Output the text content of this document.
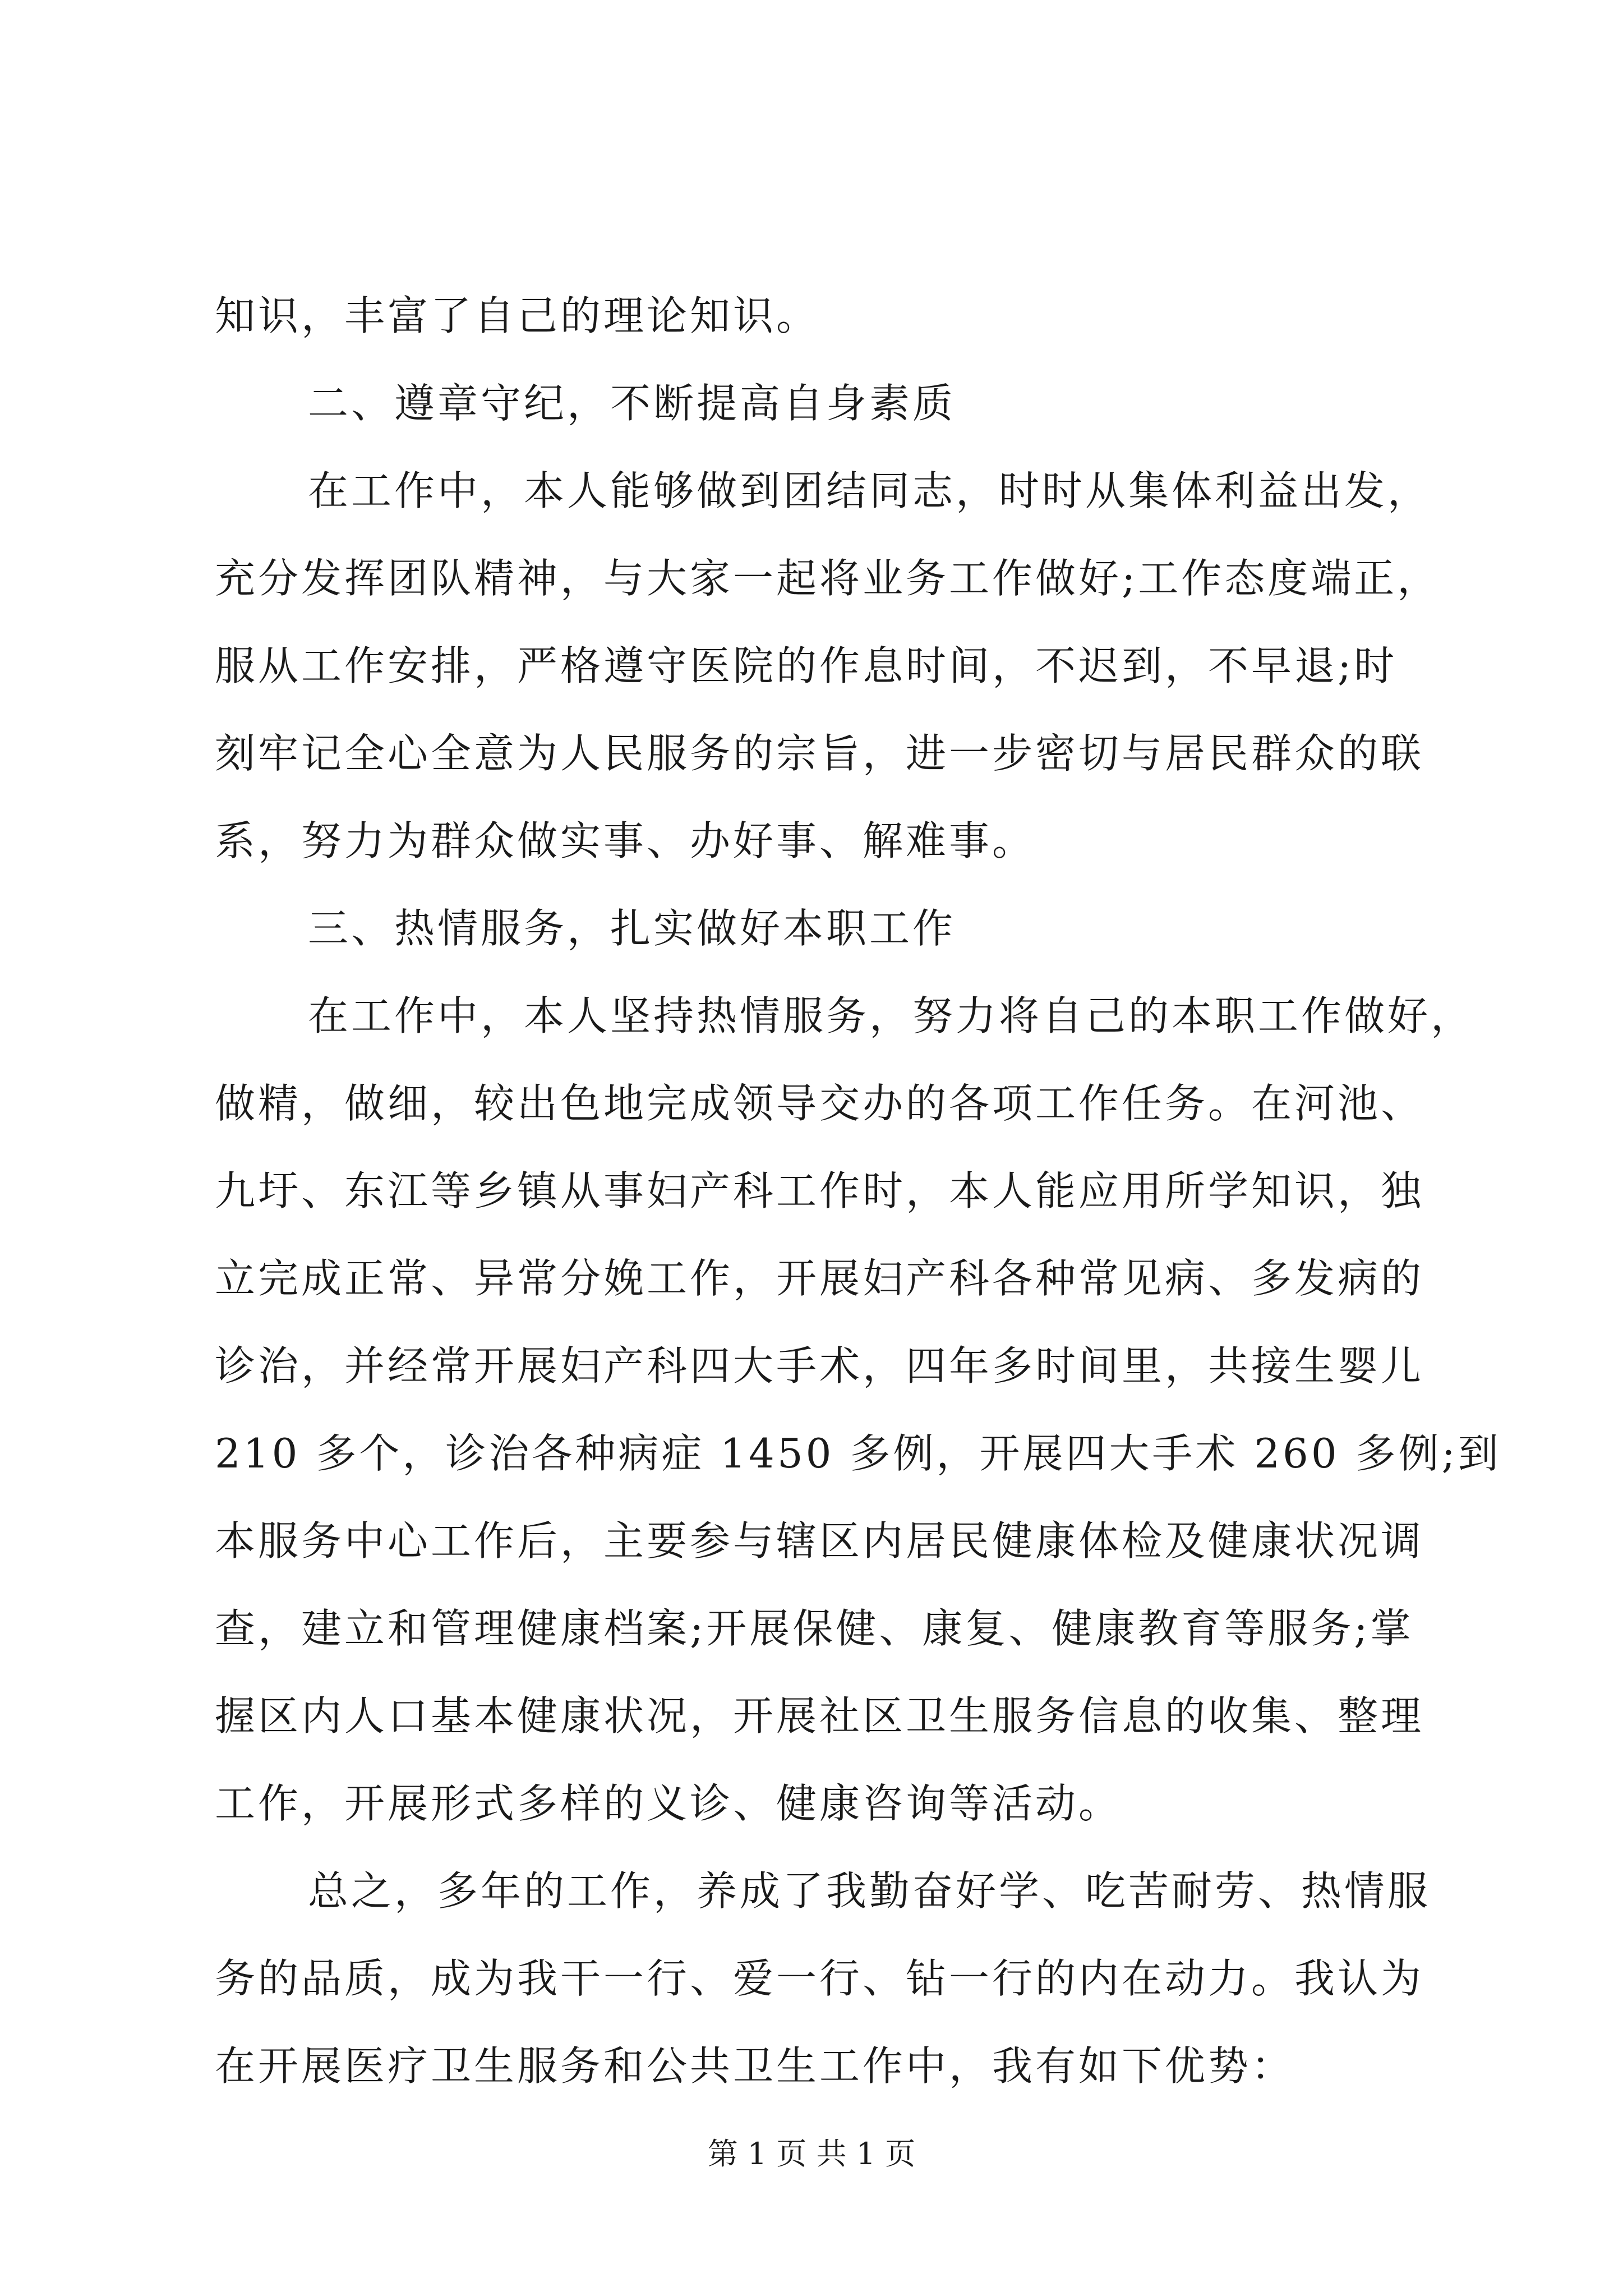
知识，丰富了自己的理论知识。
二、遵章守纪，不断提高自身素质
在工作中，本人能够做到团结同志，时时从集体利益出发，
充分发挥团队精神，与大家一起将业务工作做好;工作态度端正，
服从工作安排，严格遵守医院的作息时间，不迟到，不早退;时
刻牢记全心全意为人民服务的宗旨，进一步密切与居民群众的联
系，努力为群众做实事、办好事、解难事。
三、热情服务，扎实做好本职工作
在工作中，本人坚持热情服务，努力将自己的本职工作做好，
做精，做细，较出色地完成领导交办的各项工作任务。在河池、
九圩、东江等乡镇从事妇产科工作时，本人能应用所学知识，独
立完成正常、异常分娩工作，开展妇产科各种常见病、多发病的
诊治，并经常开展妇产科四大手术，四年多时间里，共接生婴儿
210 多个，诊治各种病症 1450 多例，开展四大手术 260 多例;到
本服务中心工作后，主要参与辖区内居民健康体检及健康状况调
查，建立和管理健康档案;开展保健、康复、健康教育等服务;掌
握区内人口基本健康状况，开展社区卫生服务信息的收集、整理
工作，开展形式多样的义诊、健康咨询等活动。
总之，多年的工作，养成了我勤奋好学、吃苦耐劳、热情服
务的品质，成为我干一行、爱一行、钻一行的内在动力。我认为
在开展医疗卫生服务和公共卫生工作中，我有如下优势：
第 1 页 共 1 页
